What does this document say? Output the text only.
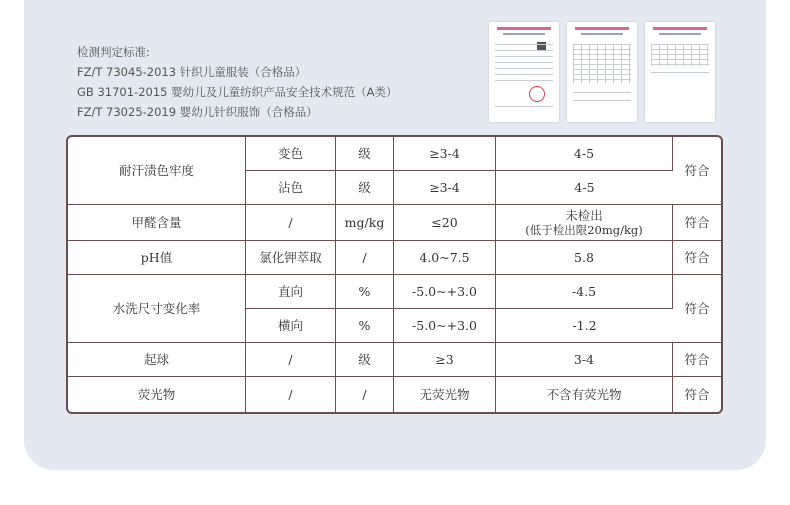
检测判定标准:
FZ/T 73045-2013 针织儿童服装（合格品）
GB 31701-2015 婴幼儿及儿童纺织产品安全技术规范（A类）
FZ/T 73025-2019 婴幼儿针织服饰（合格品）
耐汗渍色牢度	变色	级	≥3-4	4-5	符合
	沾色	级	≥3-4	4-5	
甲醛含量	/	mg/kg	≤20	未检出
(低于检出限20mg/kg)	符合
pH值	氯化钾萃取	/	4.0~7.5	5.8	符合
水洗尺寸变化率	直向	%	-5.0~+3.0	-4.5	符合
	横向	%	-5.0~+3.0	-1.2	
起球	/	级	≥3	3-4	符合
荧光物	/	/	无荧光物	不含有荧光物	符合
